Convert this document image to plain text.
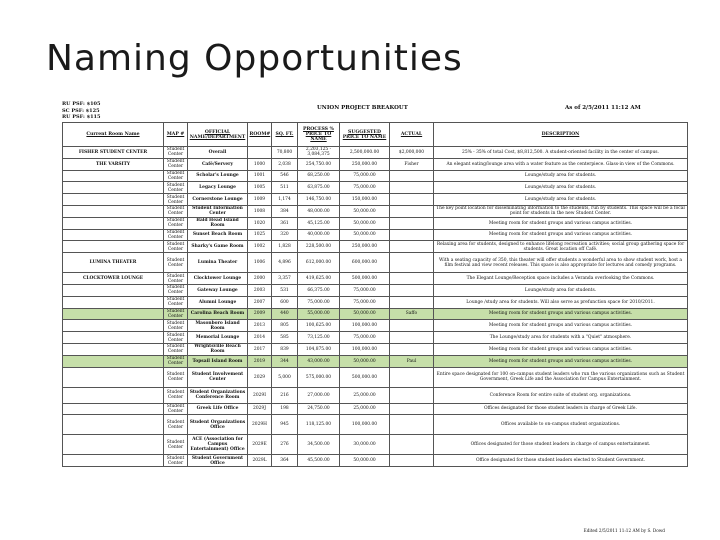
Naming Opportunities
RU PSF: $105
SC PSF: $125
RU PSF: $115
UNION PROJECT BREAKOUT	As of 2/5/2011 11:12 AM
Current Room Name	MAP #	OFFICIAL NAME/DEPARTMENT	ROOM#	SQ. FT.	PROCESS % PRICE TO NAME	SUGGESTED PRICE TO NAME	ACTUAL	DESCRIPTION
FISHER STUDENT CENTER	Student Center	Overall		70,800	2,203,125 - 3,084,375	2,500,000.00	$2,000,000	25% - 35% of total Cost, $8,812,500. A student-oriented facility in the center of campus.
THE VARSITY	Student Center	Café/Servery	1000	2,038	254,750.00	250,000.00	Fisher	An elegant eating/lounge area with a water feature as the centerpiece. Glass-in view of the Commons.
	Student Center	Scholar's Lounge	1001	546	68,250.00	75,000.00		Lounge/study area for students.
	Student Center	Legacy Lounge	1005	511	63,875.00	75,000.00		Lounge/study area for students.
	Student Center	Cornerstone Lounge	1009	1,174	146,750.00	150,000.00		Lounge/study area for students.
	Student Center	Student Information Center	1008	384	48,000.00	50,000.00		The key point location for disseminating information to the students, run by students. This space will be a focal point for students in the new Student Center.
	Student Center	Bald Head Island Room	1020	361	45,125.00	50,000.00		Meeting room for student groups and various campus activities.
	Student Center	Sunset Beach Room	1025	320	40,000.00	50,000.00		Meeting room for student groups and various campus activities.
	Student Center	Sharky's Game Room	1002	1,828	228,500.00	250,000.00		Relaxing area for students, designed to enhance lifelong recreation activities; social group gathering space for students. Great location off Café.
LUMINA THEATER	Student Center	Lumina Theater	1006	4,896	612,000.00	600,000.00		With a seating capacity of 350, this theater will offer students a wonderful area to show student work, host a film festival and view recent releases. This space is also appropriate for lectures and comedy programs.
CLOCKTOWER LOUNGE	Student Center	Clocktower Lounge	2000	3,357	419,625.00	500,000.00		The Elegant Lounge/Reception space includes a Veranda overlooking the Commons.
	Student Center	Gateway Lounge	2003	531	66,375.00	75,000.00		Lounge/study area for students.
	Student Center	Alumni Lounge	2007	600	75,000.00	75,000.00		Lounge /study area for students. Will also serve as prefunction space for 2010/2011.
	Student Center	Carolina Beach Room	2009	440	55,000.00	50,000.00	Saffo	Meeting room for student groups and various campus activities.
	Student Center	Masonboro Island Room	2013	805	100,625.00	100,000.00		Meeting room for student groups and various campus activities.
	Student Center	Memorial Lounge	2014	585	73,125.00	75,000.00		The Lounge/study area for students with a "Quiet" atmosphere.
	Student Center	Wrightsville Beach Room	2017	839	104,875.00	100,000.00		Meeting room for student groups and various campus activities.
	Student Center	Topsail Island Room	2019	344	43,000.00	50,000.00	Paul	Meeting room for student groups and various campus activities.
	Student Center	Student Involvement Center	2029	5,000	575,000.00	500,000.00		Entire space designated for 100 on-campus student leaders who run the various organizations such as Student Government, Greek Life and the Association for Campus Entertainment.
	Student Center	Student Organizations Conference Room	2029I	216	27,000.00	25,000.00		Conference Room for entire suite of student org. organizations.
	Student Center	Greek Life Office	2029J	198	24,750.00	25,000.00		Offices designated for those student leaders in charge of Greek Life.
	Student Center	Student Organizations Office	2029H	945	118,125.00	100,000.00		Offices available to on-campus student organizations.
	Student Center	ACE (Association for Campus Entertainment) Office	2029E	276	34,500.00	30,000.00		Offices designated for those student leaders in charge of campus entertainment.
	Student Center	Student Government Office	2029L	364	45,500.00	50,000.00		Office designated for those student leaders elected to Student Government.
Edited 2/5/2011 11:12 AM by S. Dowd
